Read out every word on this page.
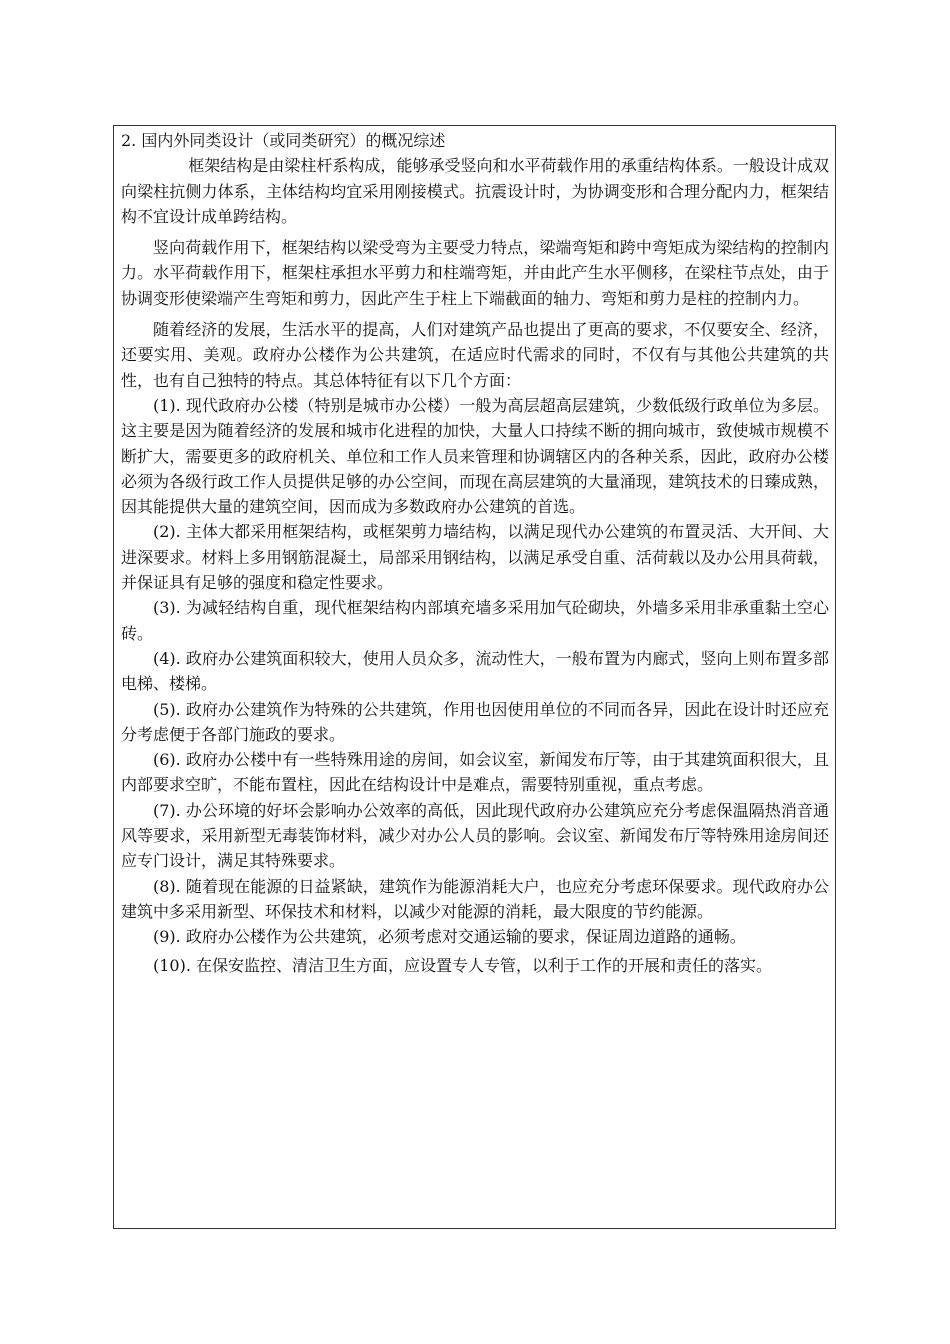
2. 国内外同类设计（或同类研究）的概况综述

框架结构是由梁柱杆系构成，能够承受竖向和水平荷载作用的承重结构体系。一般设计成双向梁柱抗侧力体系，主体结构均宜采用刚接模式。抗震设计时，为协调变形和合理分配内力，框架结构不宜设计成单跨结构。

竖向荷载作用下，框架结构以梁受弯为主要受力特点，梁端弯矩和跨中弯矩成为梁结构的控制内力。水平荷载作用下，框架柱承担水平剪力和柱端弯矩，并由此产生水平侧移，在梁柱节点处，由于协调变形使梁端产生弯矩和剪力，因此产生于柱上下端截面的轴力、弯矩和剪力是柱的控制内力。

随着经济的发展，生活水平的提高，人们对建筑产品也提出了更高的要求，不仅要安全、经济，还要实用、美观。政府办公楼作为公共建筑，在适应时代需求的同时，不仅有与其他公共建筑的共性，也有自己独特的特点。其总体特征有以下几个方面：

(1). 现代政府办公楼（特别是城市办公楼）一般为高层超高层建筑，少数低级行政单位为多层。这主要是因为随着经济的发展和城市化进程的加快，大量人口持续不断的拥向城市，致使城市规模不断扩大，需要更多的政府机关、单位和工作人员来管理和协调辖区内的各种关系，因此，政府办公楼必须为各级行政工作人员提供足够的办公空间，而现在高层建筑的大量涌现，建筑技术的日臻成熟，因其能提供大量的建筑空间，因而成为多数政府办公建筑的首选。

(2). 主体大都采用框架结构，或框架剪力墙结构，以满足现代办公建筑的布置灵活、大开间、大进深要求。材料上多用钢筋混凝土，局部采用钢结构，以满足承受自重、活荷载以及办公用具荷载，并保证具有足够的强度和稳定性要求。

(3). 为减轻结构自重，现代框架结构内部填充墙多采用加气砼砌块，外墙多采用非承重黏土空心砖。

(4). 政府办公建筑面积较大，使用人员众多，流动性大，一般布置为内廊式，竖向上则布置多部电梯、楼梯。

(5). 政府办公建筑作为特殊的公共建筑，作用也因使用单位的不同而各异，因此在设计时还应充分考虑便于各部门施政的要求。

(6). 政府办公楼中有一些特殊用途的房间，如会议室，新闻发布厅等，由于其建筑面积很大，且内部要求空旷，不能布置柱，因此在结构设计中是难点，需要特别重视，重点考虑。

(7). 办公环境的好坏会影响办公效率的高低，因此现代政府办公建筑应充分考虑保温隔热消音通风等要求，采用新型无毒装饰材料，减少对办公人员的影响。会议室、新闻发布厅等特殊用途房间还应专门设计，满足其特殊要求。

(8). 随着现在能源的日益紧缺，建筑作为能源消耗大户，也应充分考虑环保要求。现代政府办公建筑中多采用新型、环保技术和材料，以减少对能源的消耗，最大限度的节约能源。

(9). 政府办公楼作为公共建筑，必须考虑对交通运输的要求，保证周边道路的通畅。

(10). 在保安监控、清洁卫生方面，应设置专人专管，以利于工作的开展和责任的落实。
